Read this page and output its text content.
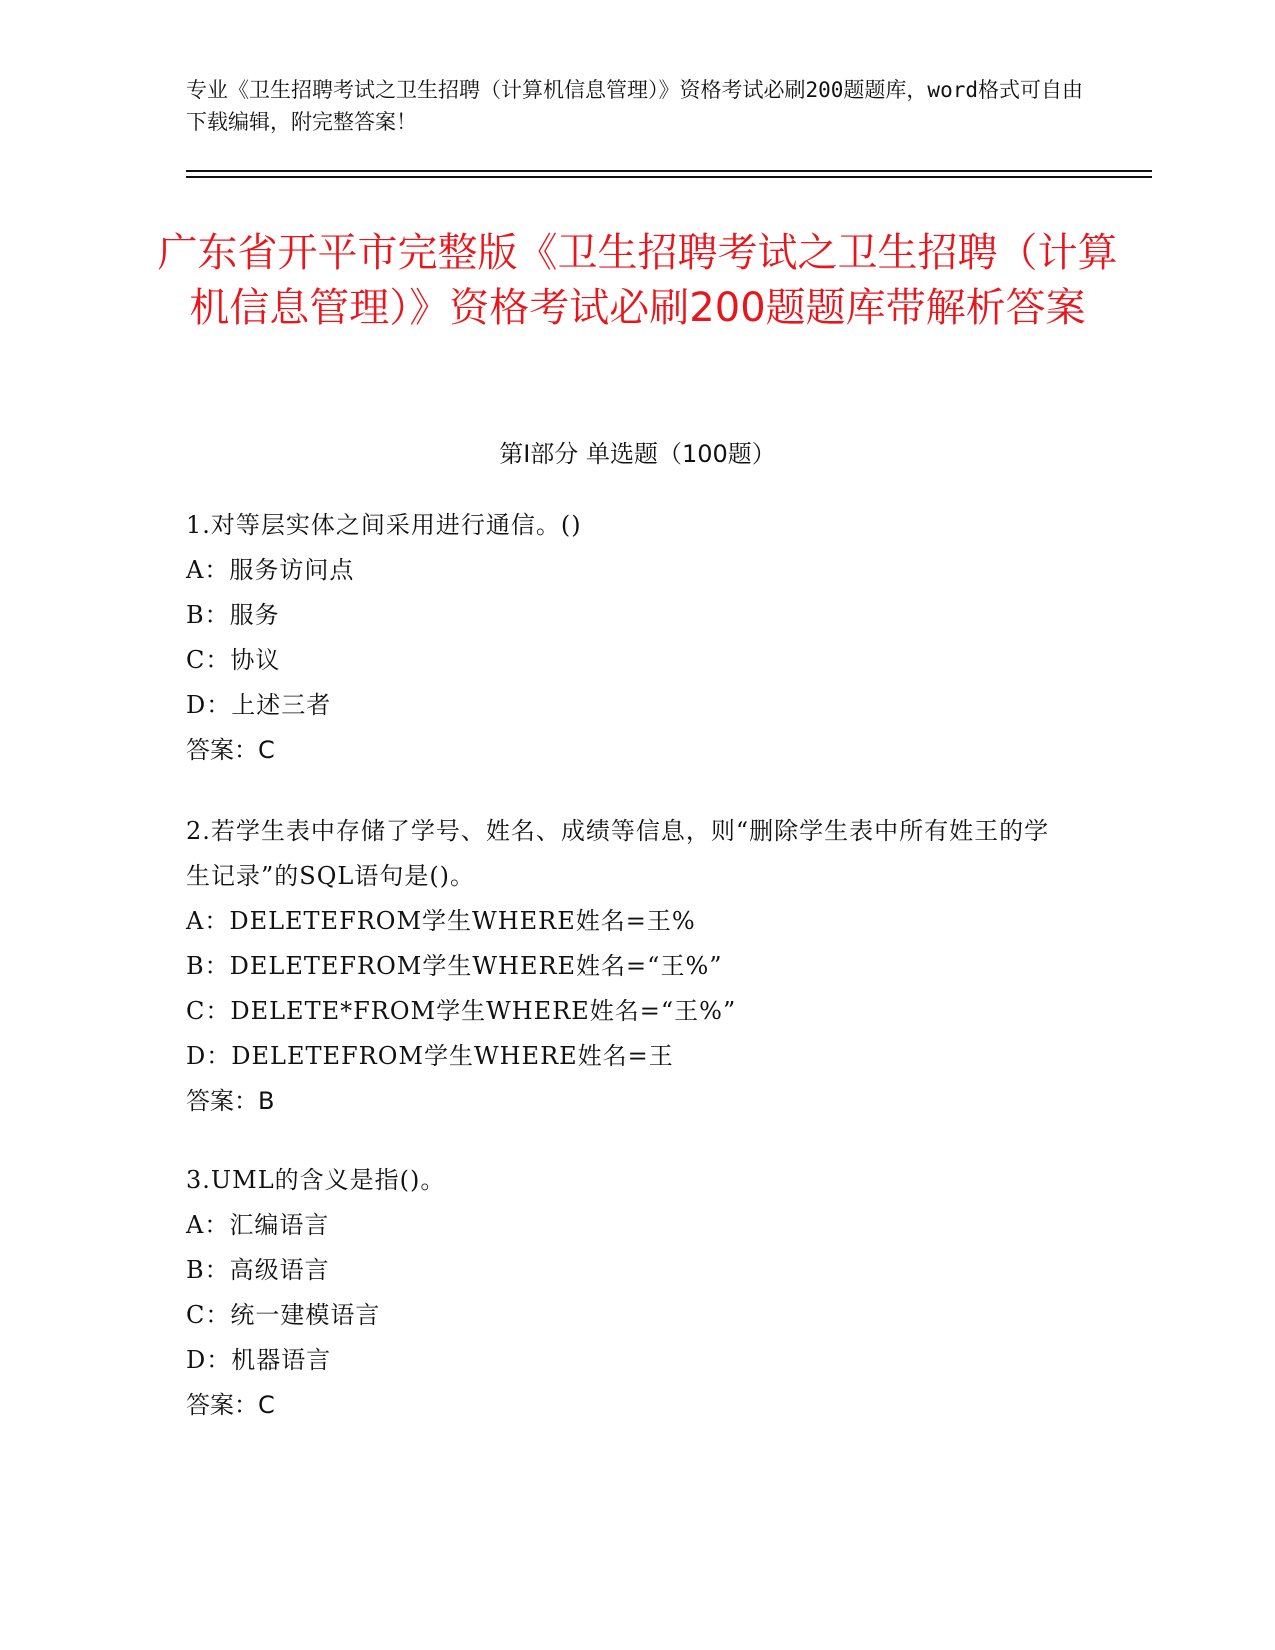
专业《卫生招聘考试之卫生招聘（计算机信息管理）》资格考试必刷200题题库，word格式可自由下载编辑，附完整答案！
广东省开平市完整版《卫生招聘考试之卫生招聘（计算机信息管理）》资格考试必刷200题题库带解析答案
第Ⅰ部分 单选题（100题）

1.对等层实体之间采用进行通信。()

A：服务访问点

B：服务

C：协议

D：上述三者

答案：C

2.若学生表中存储了学号、姓名、成绩等信息，则“删除学生表中所有姓王的学生记录”的SQL语句是()。

A：DELETEFROM学生WHERE姓名=王%

B：DELETEFROM学生WHERE姓名=“王%”

C：DELETE*FROM学生WHERE姓名=“王%”

D：DELETEFROM学生WHERE姓名=王

答案：B

3.UML的含义是指()。

A：汇编语言

B：高级语言

C：统一建模语言

D：机器语言

答案：C
